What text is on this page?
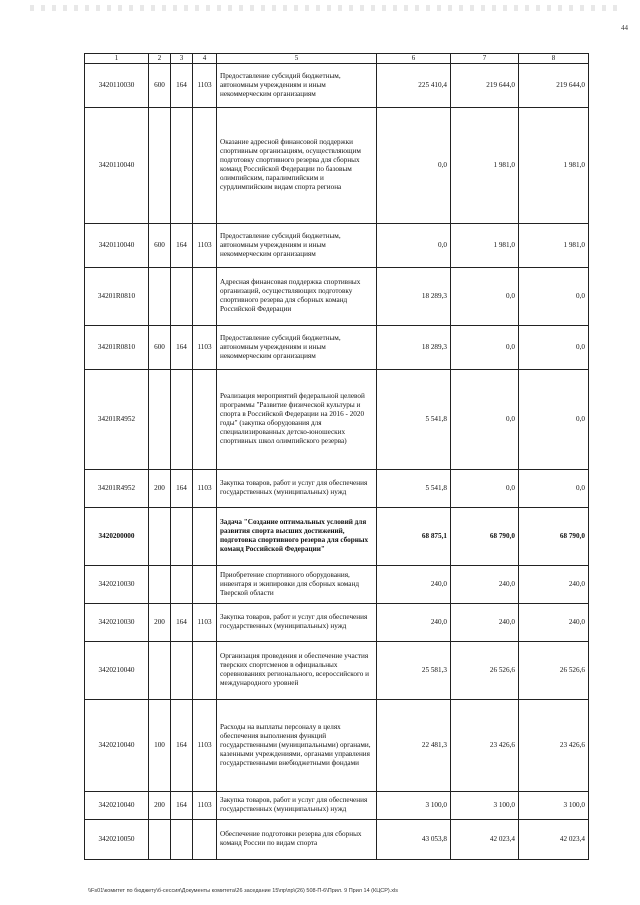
44
1	2	3	4	5	6	7	8
3420110030	600	164	1103	Предоставление субсидий бюджетным, автономным учреждениям и иным некоммерческим организациям	225 410,4	219 644,0	219 644,0
3420110040				Оказание адресной финансовой поддержки спортивным организациям, осуществляющим подготовку спортивного резерва для сборных команд Российской Федерации по базовым олимпийским, паралимпийским и сурдлимпийским видам спорта региона	0,0	1 981,0	1 981,0
3420110040	600	164	1103	Предоставление субсидий бюджетным, автономным учреждениям и иным некоммерческим организациям	0,0	1 981,0	1 981,0
34201R0810				Адресная финансовая поддержка спортивных организаций, осуществляющих подготовку спортивного резерва для сборных команд Российской Федерации	18 289,3	0,0	0,0
34201R0810	600	164	1103	Предоставление субсидий бюджетным, автономным учреждениям и иным некоммерческим организациям	18 289,3	0,0	0,0
34201R4952				Реализация мероприятий федеральной целевой программы "Развитие физической культуры и спорта в Российской Федерации на 2016 - 2020 годы" (закупка оборудования для специализированных детско-юношеских спортивных школ олимпийского резерва)	5 541,8	0,0	0,0
34201R4952	200	164	1103	Закупка товаров, работ и услуг для обеспечения государственных (муниципальных) нужд	5 541,8	0,0	0,0
3420200000				Задача "Создание оптимальных условий для развития спорта высших достижений, подготовка спортивного резерва для сборных команд Российской Федерации"	68 875,1	68 790,0	68 790,0
3420210030				Приобретение спортивного оборудования, инвентаря и экипировки для сборных команд Тверской области	240,0	240,0	240,0
3420210030	200	164	1103	Закупка товаров, работ и услуг для обеспечения государственных (муниципальных) нужд	240,0	240,0	240,0
3420210040				Организация проведения и обеспечение участия тверских спортсменов в официальных соревнованиях регионального, всероссийского и международного уровней	25 581,3	26 526,6	26 526,6
3420210040	100	164	1103	Расходы на выплаты персоналу в целях обеспечения выполнения функций государственными (муниципальными) органами, казенными учреждениями, органами управления государственными внебюджетными фондами	22 481,3	23 426,6	23 426,6
3420210040	200	164	1103	Закупка товаров, работ и услуг для обеспечения государственных (муниципальных) нужд	3 100,0	3 100,0	3 100,0
3420210050				Обеспечение подготовки резерва для сборных команд России по видам спорта	43 053,8	42 023,4	42 023,4
\\Fs01\комитет по бюджету\б-сессия\Документы комитета\26 заседание 15\пр\пр\(26) 508-П-6\Прил. 9 Прил 14 (КЦСР).xls
